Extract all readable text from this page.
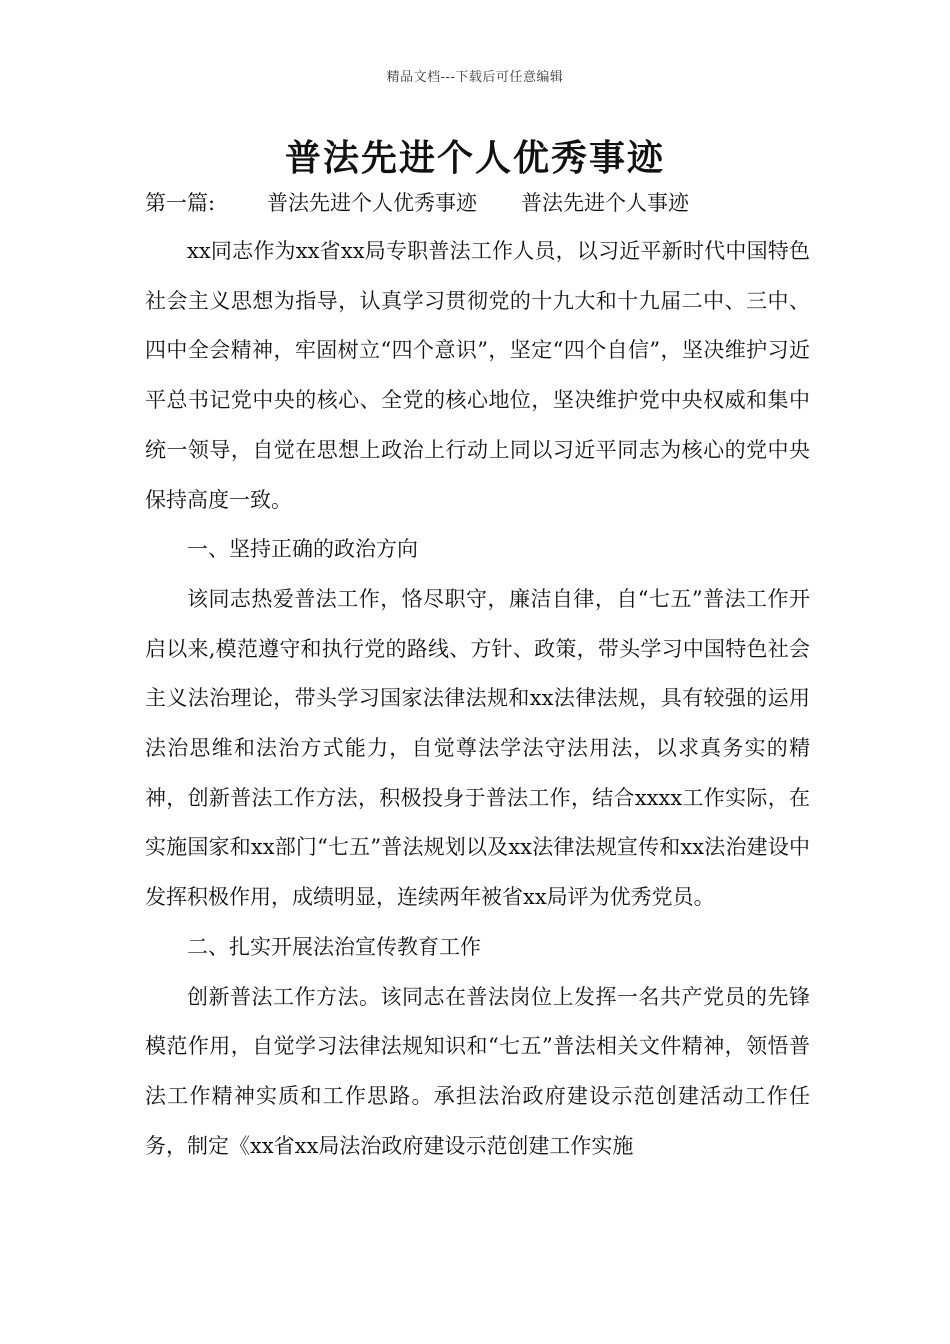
精品文档---下载后可任意编辑
普法先进个人优秀事迹
第一篇: 普法先进个人优秀事迹 普法先进个人事迹

xx同志作为xx省xx局专职普法工作人员，以习近平新时代中国特色社会主义思想为指导，认真学习贯彻党的十九大和十九届二中、三中、四中全会精神，牢固树立“四个意识”，坚定“四个自信”，坚决维护习近平总书记党中央的核心、全党的核心地位，坚决维护党中央权威和集中统一领导，自觉在思想上政治上行动上同以习近平同志为核心的党中央保持高度一致。

一、坚持正确的政治方向

该同志热爱普法工作，恪尽职守，廉洁自律，自“七五”普法工作开启以来,模范遵守和执行党的路线、方针、政策，带头学习中国特色社会主义法治理论，带头学习国家法律法规和xx法律法规，具有较强的运用法治思维和法治方式能力，自觉尊法学法守法用法，以求真务实的精神，创新普法工作方法，积极投身于普法工作，结合xxxx工作实际，在实施国家和xx部门“七五”普法规划以及xx法律法规宣传和xx法治建设中发挥积极作用，成绩明显，连续两年被省xx局评为优秀党员。

二、扎实开展法治宣传教育工作

创新普法工作方法。该同志在普法岗位上发挥一名共产党员的先锋模范作用，自觉学习法律法规知识和“七五”普法相关文件精神，领悟普法工作精神实质和工作思路。承担法治政府建设示范创建活动工作任务，制定《xx省xx局法治政府建设示范创建工作实施
